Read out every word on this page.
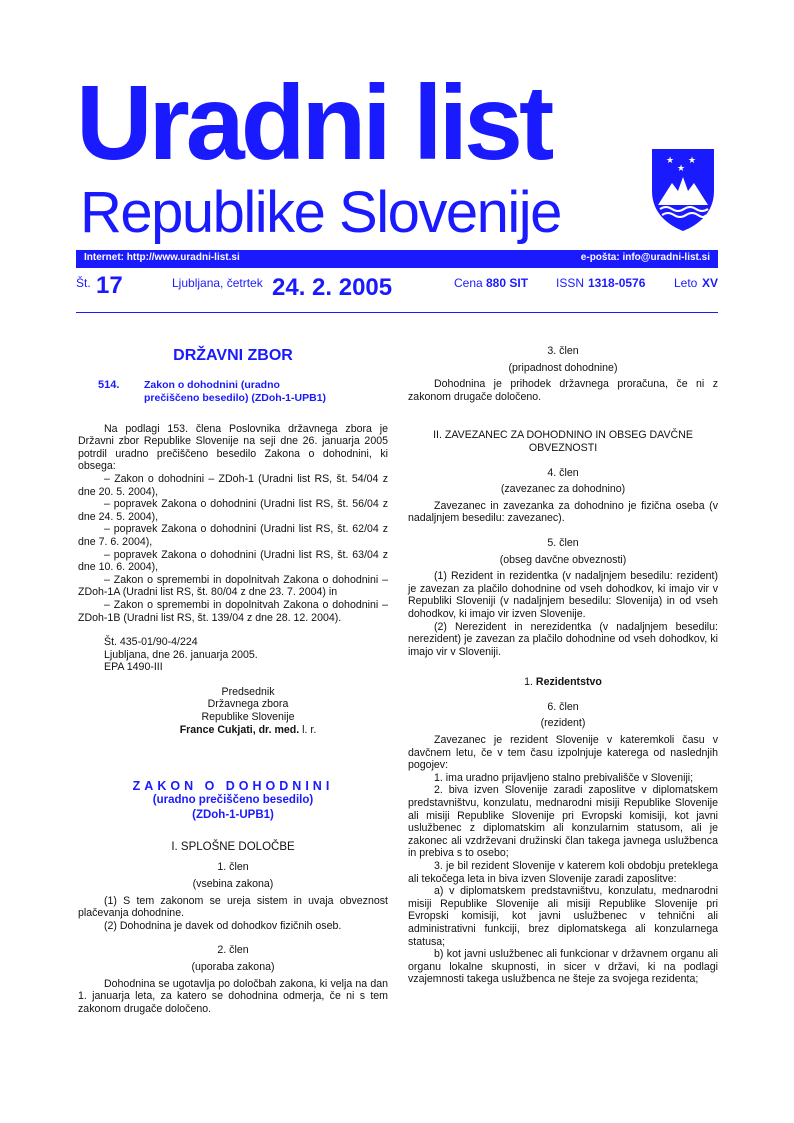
Uradni list
Republike Slovenije
★ ★
★
Internet: http://www.uradni-list.si	e-pošta: info@uradni-list.si
Št. 17	Ljubljana, četrtek 24. 2. 2005	Cena 880 SIT ISSN 1318-0576 Leto XV
DRŽAVNI ZBOR
514.	Zakon o dohodnini (uradno prečiščeno besedilo) (ZDoh-1-UPB1)

Na podlagi 153. člena Poslovnika državnega zbora je Državni zbor Republike Slovenije na seji dne 26. januarja 2005 potrdil uradno prečiščeno besedilo Zakona o dohodnini, ki obsega:

– Zakon o dohodnini – ZDoh-1 (Uradni list RS, št. 54/04 z dne 20. 5. 2004),

– popravek Zakona o dohodnini (Uradni list RS, št. 56/04 z dne 24. 5. 2004),

– popravek Zakona o dohodnini (Uradni list RS, št. 62/04 z dne 7. 6. 2004),

– popravek Zakona o dohodnini (Uradni list RS, št. 63/04 z dne 10. 6. 2004),

– Zakon o spremembi in dopolnitvah Zakona o dohodnini – ZDoh-1A (Uradni list RS, št. 80/04 z dne 23. 7. 2004) in

– Zakon o spremembi in dopolnitvah Zakona o dohodnini – ZDoh-1B (Uradni list RS, št. 139/04 z dne 28. 12. 2004).

Št. 435-01/90-4/224

Ljubljana, dne 26. januarja 2005.

EPA 1490-III

Predsednik
Državnega zbora
Republike Slovenije
France Cukjati, dr. med. l. r.
ZAKON O DOHODNINI
(uradno prečiščeno besedilo)
(ZDoh-1-UPB1)
I. SPLOŠNE DOLOČBE
1. člen
(vsebina zakona)

(1) S tem zakonom se ureja sistem in uvaja obveznost plačevanja dohodnine.

(2) Dohodnina je davek od dohodkov fizičnih oseb.

2. člen
(uporaba zakona)

Dohodnina se ugotavlja po določbah zakona, ki velja na dan 1. januarja leta, za katero se dohodnina odmerja, če ni s tem zakonom drugače določeno.

3. člen
(pripadnost dohodnine)

Dohodnina je prihodek državnega proračuna, če ni z zakonom drugače določeno.

II. ZAVEZANEC ZA DOHODNINO IN OBSEG DAVČNE OBVEZNOSTI
4. člen
(zavezanec za dohodnino)

Zavezanec in zavezanka za dohodnino je fizična oseba (v nadaljnjem besedilu: zavezanec).

5. člen
(obseg davčne obveznosti)

(1) Rezident in rezidentka (v nadaljnjem besedilu: rezident) je zavezan za plačilo dohodnine od vseh dohodkov, ki imajo vir v Republiki Sloveniji (v nadaljnjem besedilu: Slovenija) in od vseh dohodkov, ki imajo vir izven Slovenije.

(2) Nerezident in nerezidentka (v nadaljnjem besedilu: nerezident) je zavezan za plačilo dohodnine od vseh dohodkov, ki imajo vir v Sloveniji.

1. Rezidentstvo
6. člen
(rezident)

Zavezanec je rezident Slovenije v kateremkoli času v davčnem letu, če v tem času izpolnjuje katerega od naslednjih pogojev:

1. ima uradno prijavljeno stalno prebivališče v Sloveniji;

2. biva izven Slovenije zaradi zaposlitve v diplomatskem predstavništvu, konzulatu, mednarodni misiji Republike Slovenije ali misiji Republike Slovenije pri Evropski komisiji, kot javni uslužbenec z diplomatskim ali konzularnim statusom, ali je zakonec ali vzdrževani družinski član takega javnega uslužbenca in prebiva s to osebo;

3. je bil rezident Slovenije v katerem koli obdobju preteklega ali tekočega leta in biva izven Slovenije zaradi zaposlitve:

a) v diplomatskem predstavništvu, konzulatu, mednarodni misiji Republike Slovenije ali misiji Republike Slovenije pri Evropski komisiji, kot javni uslužbenec v tehnični ali administrativni funkciji, brez diplomatskega ali konzularnega statusa;

b) kot javni uslužbenec ali funkcionar v državnem organu ali organu lokalne skupnosti, in sicer v državi, ki na podlagi vzajemnosti takega uslužbenca ne šteje za svojega rezidenta;
